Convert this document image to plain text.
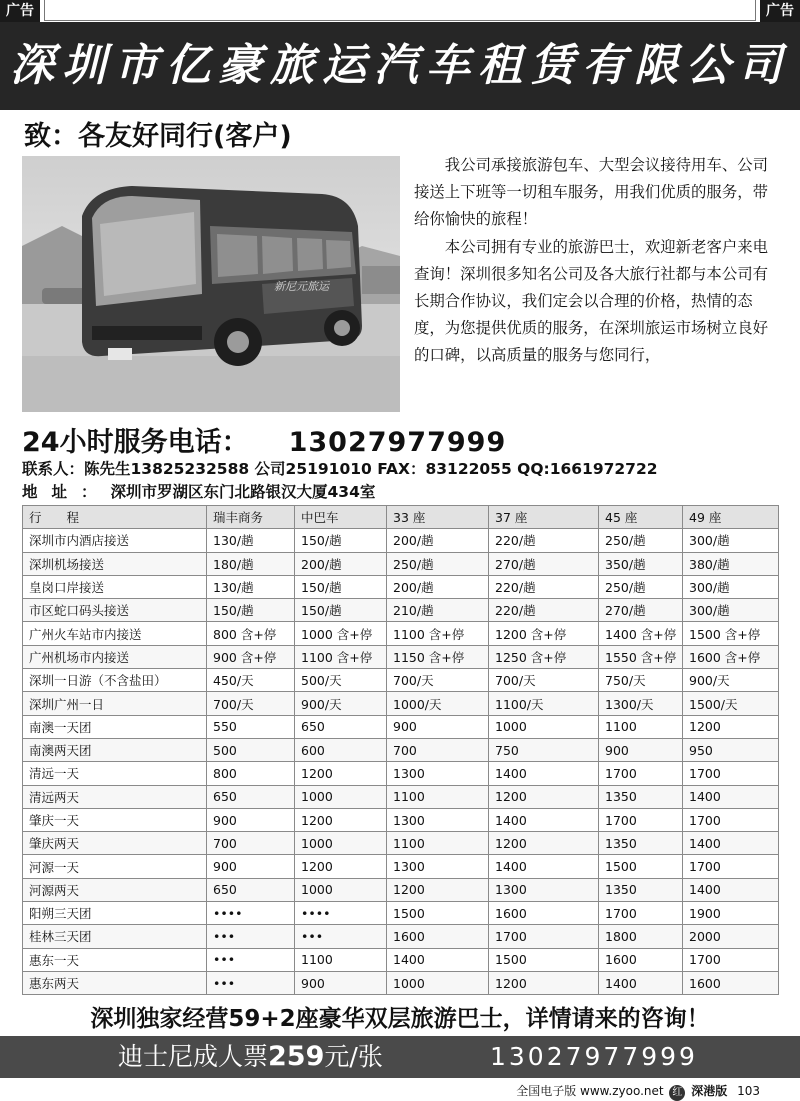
广告	广告
深圳市亿豪旅运汽车租赁有限公司
致：各友好同行(客户)
新尼元旅运

我公司承接旅游包车、大型会议接待用车、公司接送上下班等一切租车服务，用我们优质的服务，带给你愉快的旅程！

本公司拥有专业的旅游巴士，欢迎新老客户来电查询！深圳很多知名公司及各大旅行社都与本公司有长期合作协议，我们定会以合理的价格，热情的态度，为您提供优质的服务，在深圳旅运市场树立良好的口碑，以高质量的服务与您同行，

24小时服务电话： 13027977999
联系人：陈先生13825232588 公司25191010 FAX：83122055 QQ:1661972722
地址：深圳市罗湖区东门北路银汉大厦434室
行　　程	瑞丰商务	中巴车	33 座	37 座	45 座	49 座
深圳市内酒店接送	130/趟	150/趟	200/趟	220/趟	250/趟	300/趟
深圳机场接送	180/趟	200/趟	250/趟	270/趟	350/趟	380/趟
皇岗口岸接送	130/趟	150/趟	200/趟	220/趟	250/趟	300/趟
市区蛇口码头接送	150/趟	150/趟	210/趟	220/趟	270/趟	300/趟
广州火车站市内接送	800 含+停	1000 含+停	1100 含+停	1200 含+停	1400 含+停	1500 含+停
广州机场市内接送	900 含+停	1100 含+停	1150 含+停	1250 含+停	1550 含+停	1600 含+停
深圳一日游（不含盐田）	450/天	500/天	700/天	700/天	750/天	900/天
深圳广州一日	700/天	900/天	1000/天	1100/天	1300/天	1500/天
南澳一天团	550	650	900	1000	1100	1200
南澳两天团	500	600	700	750	900	950
清远一天	800	1200	1300	1400	1700	1700
清远两天	650	1000	1100	1200	1350	1400
肇庆一天	900	1200	1300	1400	1700	1700
肇庆两天	700	1000	1100	1200	1350	1400
河源一天	900	1200	1300	1400	1500	1700
河源两天	650	1000	1200	1300	1350	1400
阳朔三天团	••••	••••	1500	1600	1700	1900
桂林三天团	•••	•••	1600	1700	1800	2000
惠东一天	•••	1100	1400	1500	1600	1700
惠东两天	•••	900	1000	1200	1400	1600
深圳独家经营59+2座豪华双层旅游巴士，详情请来的咨询！
迪士尼成人票259元/张	13027977999
全国电子版 www.zyoo.net 红 深港版 103
